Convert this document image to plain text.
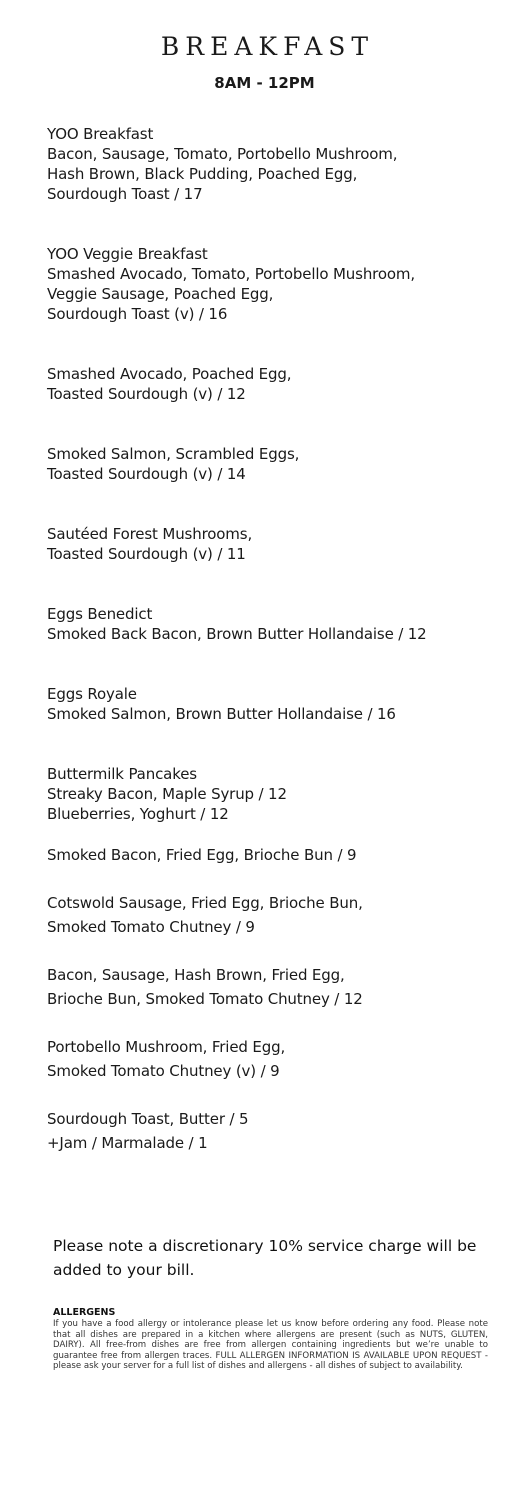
BREAKFAST
8AM - 12PM
YOO Breakfast
Bacon, Sausage, Tomato, Portobello Mushroom,
Hash Brown, Black Pudding, Poached Egg,
Sourdough Toast / 17
YOO Veggie Breakfast
Smashed Avocado, Tomato, Portobello Mushroom,
Veggie Sausage, Poached Egg,
Sourdough Toast (v) / 16
Smashed Avocado, Poached Egg,
Toasted Sourdough (v) / 12
Smoked Salmon, Scrambled Eggs,
Toasted Sourdough (v) / 14
Sautéed Forest Mushrooms,
Toasted Sourdough (v) / 11
Eggs Benedict
Smoked Back Bacon, Brown Butter Hollandaise / 12
Eggs Royale
Smoked Salmon, Brown Butter Hollandaise / 16
Buttermilk Pancakes
Streaky Bacon, Maple Syrup / 12
Blueberries, Yoghurt / 12
Smoked Bacon, Fried Egg, Brioche Bun / 9
Cotswold Sausage, Fried Egg, Brioche Bun,
Smoked Tomato Chutney / 9
Bacon, Sausage, Hash Brown, Fried Egg,
Brioche Bun, Smoked Tomato Chutney / 12
Portobello Mushroom, Fried Egg,
Smoked Tomato Chutney (v) / 9
Sourdough Toast, Butter / 5
+Jam / Marmalade / 1
Please note a discretionary 10% service charge will be added to your bill.
ALLERGENS
If you have a food allergy or intolerance please let us know before ordering any food. Please note that all dishes are prepared in a kitchen where allergens are present (such as NUTS, GLUTEN, DAIRY). All free-from dishes are free from allergen containing ingredients but we’re unable to guarantee free from allergen traces. FULL ALLERGEN INFORMATION IS AVAILABLE UPON REQUEST - please ask your server for a full list of dishes and allergens - all dishes of subject to availability.
